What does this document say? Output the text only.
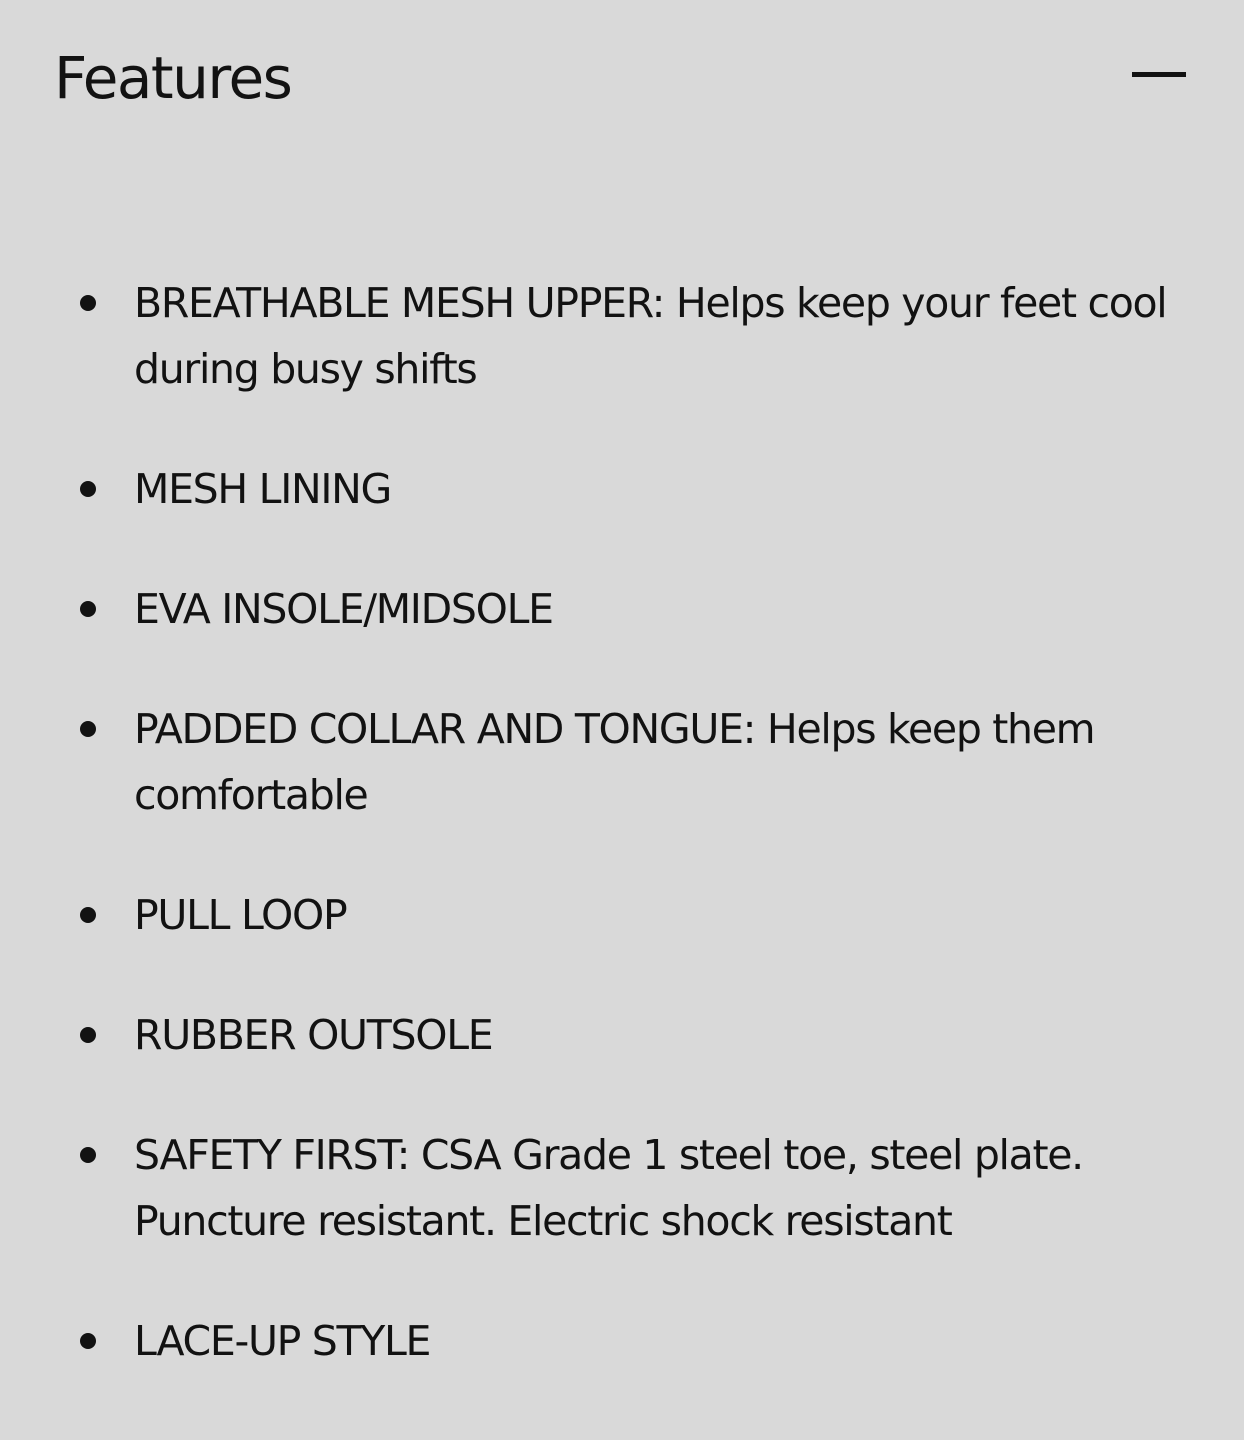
Features
BREATHABLE MESH UPPER: Helps keep your feet cool during busy shifts
MESH LINING
EVA INSOLE/MIDSOLE
PADDED COLLAR AND TONGUE: Helps keep them comfortable
PULL LOOP
RUBBER OUTSOLE
SAFETY FIRST: CSA Grade 1 steel toe, steel plate. Puncture resistant. Electric shock resistant
LACE-UP STYLE
